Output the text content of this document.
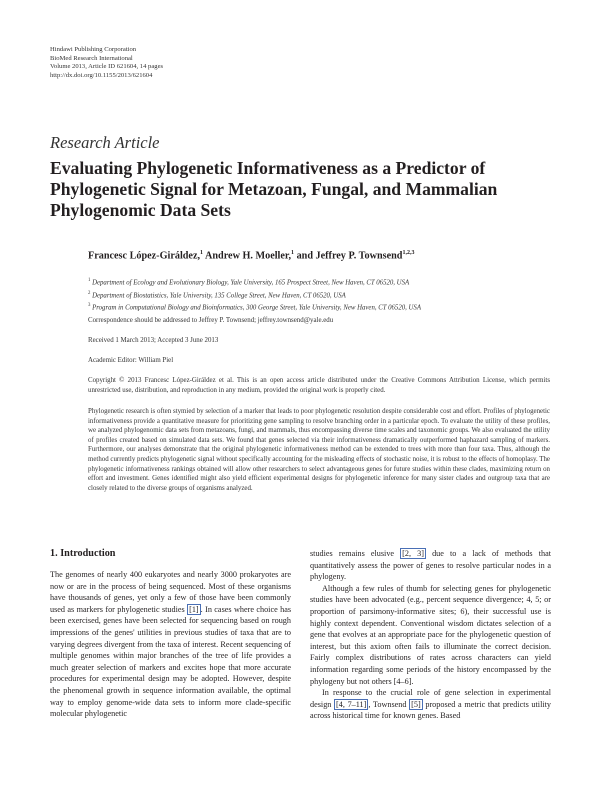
Hindawi Publishing Corporation
BioMed Research International
Volume 2013, Article ID 621604, 14 pages
http://dx.doi.org/10.1155/2013/621604
Research Article
Evaluating Phylogenetic Informativeness as a Predictor of Phylogenetic Signal for Metazoan, Fungal, and Mammalian Phylogenomic Data Sets
Francesc López-Giráldez,$^1$ Andrew H. Moeller,$^1$ and Jeffrey P. Townsend$^{1,2,3}$
$^1$ Department of Ecology and Evolutionary Biology, Yale University, 165 Prospect Street, New Haven, CT 06520, USA
$^2$ Department of Biostatistics, Yale University, 135 College Street, New Haven, CT 06520, USA
$^3$ Program in Computational Biology and Bioinformatics, 300 George Street, Yale University, New Haven, CT 06520, USA
Correspondence should be addressed to Jeffrey P. Townsend; jeffrey.townsend@yale.edu
Received 1 March 2013; Accepted 3 June 2013
Academic Editor: William Piel
Copyright © 2013 Francesc López-Giráldez et al. This is an open access article distributed under the Creative Commons Attribution License, which permits unrestricted use, distribution, and reproduction in any medium, provided the original work is properly cited.
Phylogenetic research is often stymied by selection of a marker that leads to poor phylogenetic resolution despite considerable cost and effort. Profiles of phylogenetic informativeness provide a quantitative measure for prioritizing gene sampling to resolve branching order in a particular epoch. To evaluate the utility of these profiles, we analyzed phylogenomic data sets from metazoans, fungi, and mammals, thus encompassing diverse time scales and taxonomic groups. We also evaluated the utility of profiles created based on simulated data sets. We found that genes selected via their informativeness dramatically outperformed haphazard sampling of markers. Furthermore, our analyses demonstrate that the original phylogenetic informativeness method can be extended to trees with more than four taxa. Thus, although the method currently predicts phylogenetic signal without specifically accounting for the misleading effects of stochastic noise, it is robust to the effects of homoplasy. The phylogenetic informativeness rankings obtained will allow other researchers to select advantageous genes for future studies within these clades, maximizing return on effort and investment. Genes identified might also yield efficient experimental designs for phylogenetic inference for many sister clades and outgroup taxa that are closely related to the diverse groups of organisms analyzed.
1. Introduction

The genomes of nearly 400 eukaryotes and nearly 3000 prokaryotes are now or are in the process of being sequenced. Most of these organisms have thousands of genes, yet only a few of those have been commonly used as markers for phylogenetic studies [1] . In cases where choice has been exercised, genes have been selected for sequencing based on rough impressions of the genes' utilities in previous studies of taxa that are to varying degrees divergent from the taxa of interest. Recent sequencing of multiple genomes within major branches of the tree of life provides a much greater selection of markers and excites hope that more accurate procedures for experimental design may be adopted. However, despite the phenomenal growth in sequence information available, the optimal way to employ genome-wide data sets to inform more clade-specific molecular phylogenetic

studies remains elusive [2, 3] due to a lack of methods that quantitatively assess the power of genes to resolve particular nodes in a phylogeny.

Although a few rules of thumb for selecting genes for phylogenetic studies have been advocated (e.g., percent sequence divergence; 4, 5; or proportion of parsimony-informative sites; 6), their successful use is highly context dependent. Conventional wisdom dictates selection of a gene that evolves at an appropriate pace for the phylogenetic question of interest, but this axiom often fails to illuminate the correct decision. Fairly complex distributions of rates across characters can yield information regarding some periods of the history encompassed by the phylogeny but not others [4–6].

In response to the crucial role of gene selection in experimental design [4, 7–11] , Townsend [5] proposed a metric that predicts utility across historical time for known genes. Based
